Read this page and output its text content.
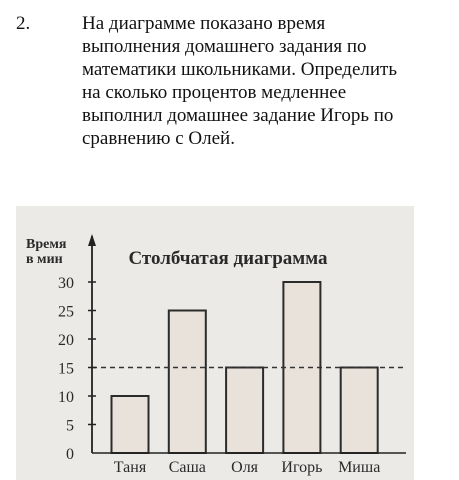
2.	На диаграмме показано время
выполнения домашнего задания по
математики школьниками. Определить
на сколько процентов медленнее
выполнил домашнее задание Игорь по
сравнению с Олей.
Столбчатая диаграмма
Время
в мин
Таня Саша Оля Игорь Миша
0
5
10
15
20
25
30
